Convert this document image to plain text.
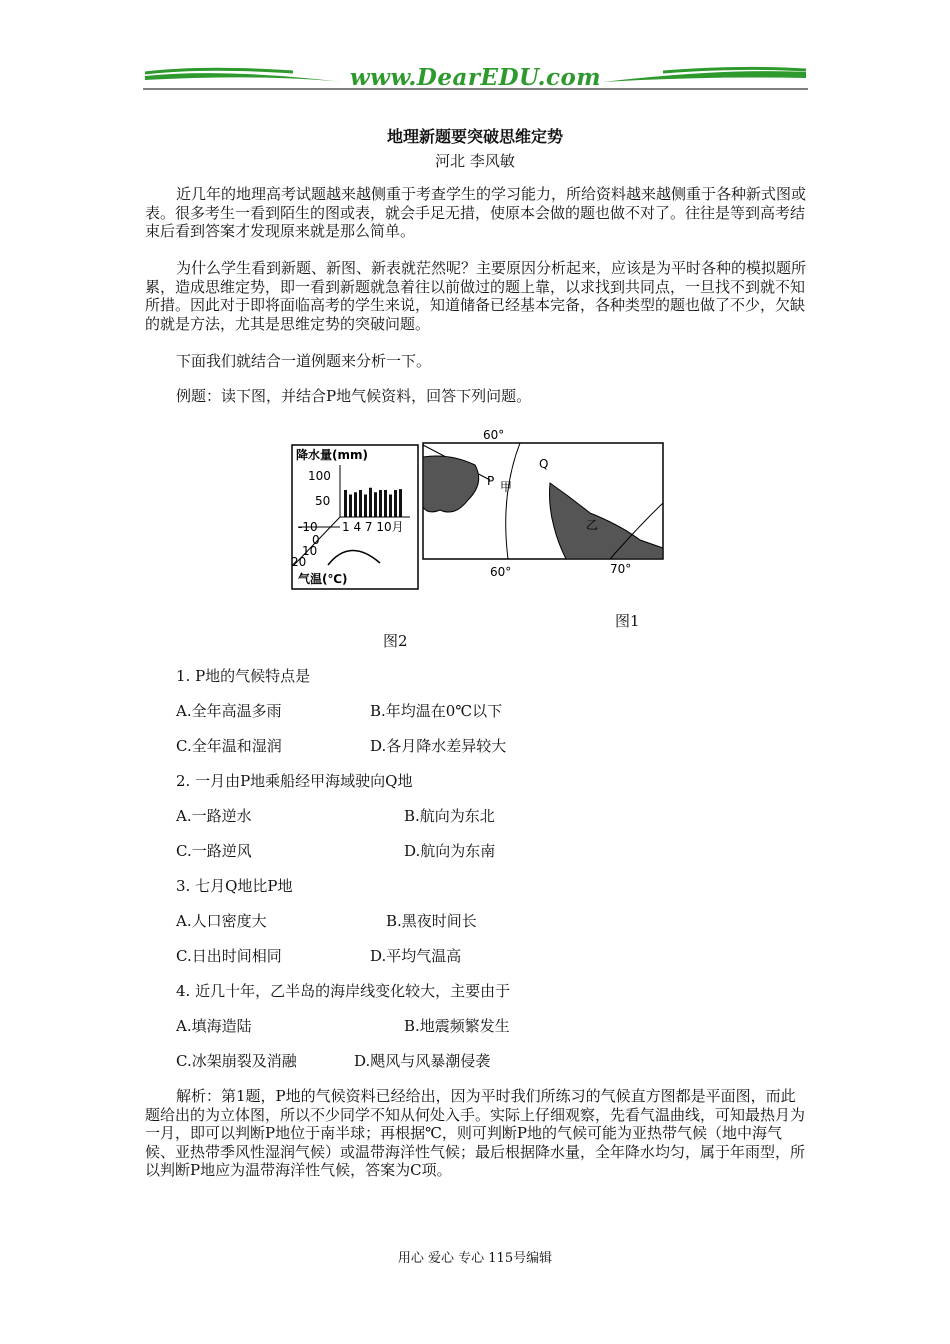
www.DearEDU.com
地理新题要突破思维定势
河北 李风敏

近几年的地理高考试题越来越侧重于考查学生的学习能力，所给资料越来越侧重于各种新式图或表。很多考生一看到陌生的图或表，就会手足无措，使原本会做的题也做不对了。往往是等到高考结束后看到答案才发现原来就是那么简单。

为什么学生看到新题、新图、新表就茫然呢？主要原因分析起来，应该是为平时各种的模拟题所累，造成思维定势，即一看到新题就急着往以前做过的题上靠，以求找到共同点，一旦找不到就不知所措。因此对于即将面临高考的学生来说，知道储备已经基本完备，各种类型的题也做了不少，欠缺的就是方法，尤其是思维定势的突破问题。

下面我们就结合一道例题来分析一下。

例题：读下图，并结合P地气候资料，回答下列问题。

降水量(mm)
100
50
1 4 7 10月
-10
0
10
20
气温(℃)
60°
P 甲
Q
乙
60°	70°
图1
图2
1. P地的气候特点是
A.全年高温多雨	B.年均温在0℃以下
C.全年温和湿润	D.各月降水差异较大
2. 一月由P地乘船经甲海域驶向Q地
A.一路逆水	B.航向为东北
C.一路逆风	D.航向为东南
3. 七月Q地比P地
A.人口密度大	B.黑夜时间长
C.日出时间相同	D.平均气温高
4. 近几十年，乙半岛的海岸线变化较大，主要由于
A.填海造陆	B.地震频繁发生
C.冰架崩裂及消融	D.飓风与风暴潮侵袭

解析：第1题，P地的气候资料已经给出，因为平时我们所练习的气候直方图都是平面图，而此题给出的为立体图，所以不少同学不知从何处入手。实际上仔细观察，先看气温曲线，可知最热月为一月，即可以判断P地位于南半球；再根据℃，则可判断P地的气候可能为亚热带气候（地中海气候、亚热带季风性湿润气候）或温带海洋性气候；最后根据降水量，全年降水均匀，属于年雨型，所以判断P地应为温带海洋性气候，答案为C项。

用心 爱心 专心 115号编辑
